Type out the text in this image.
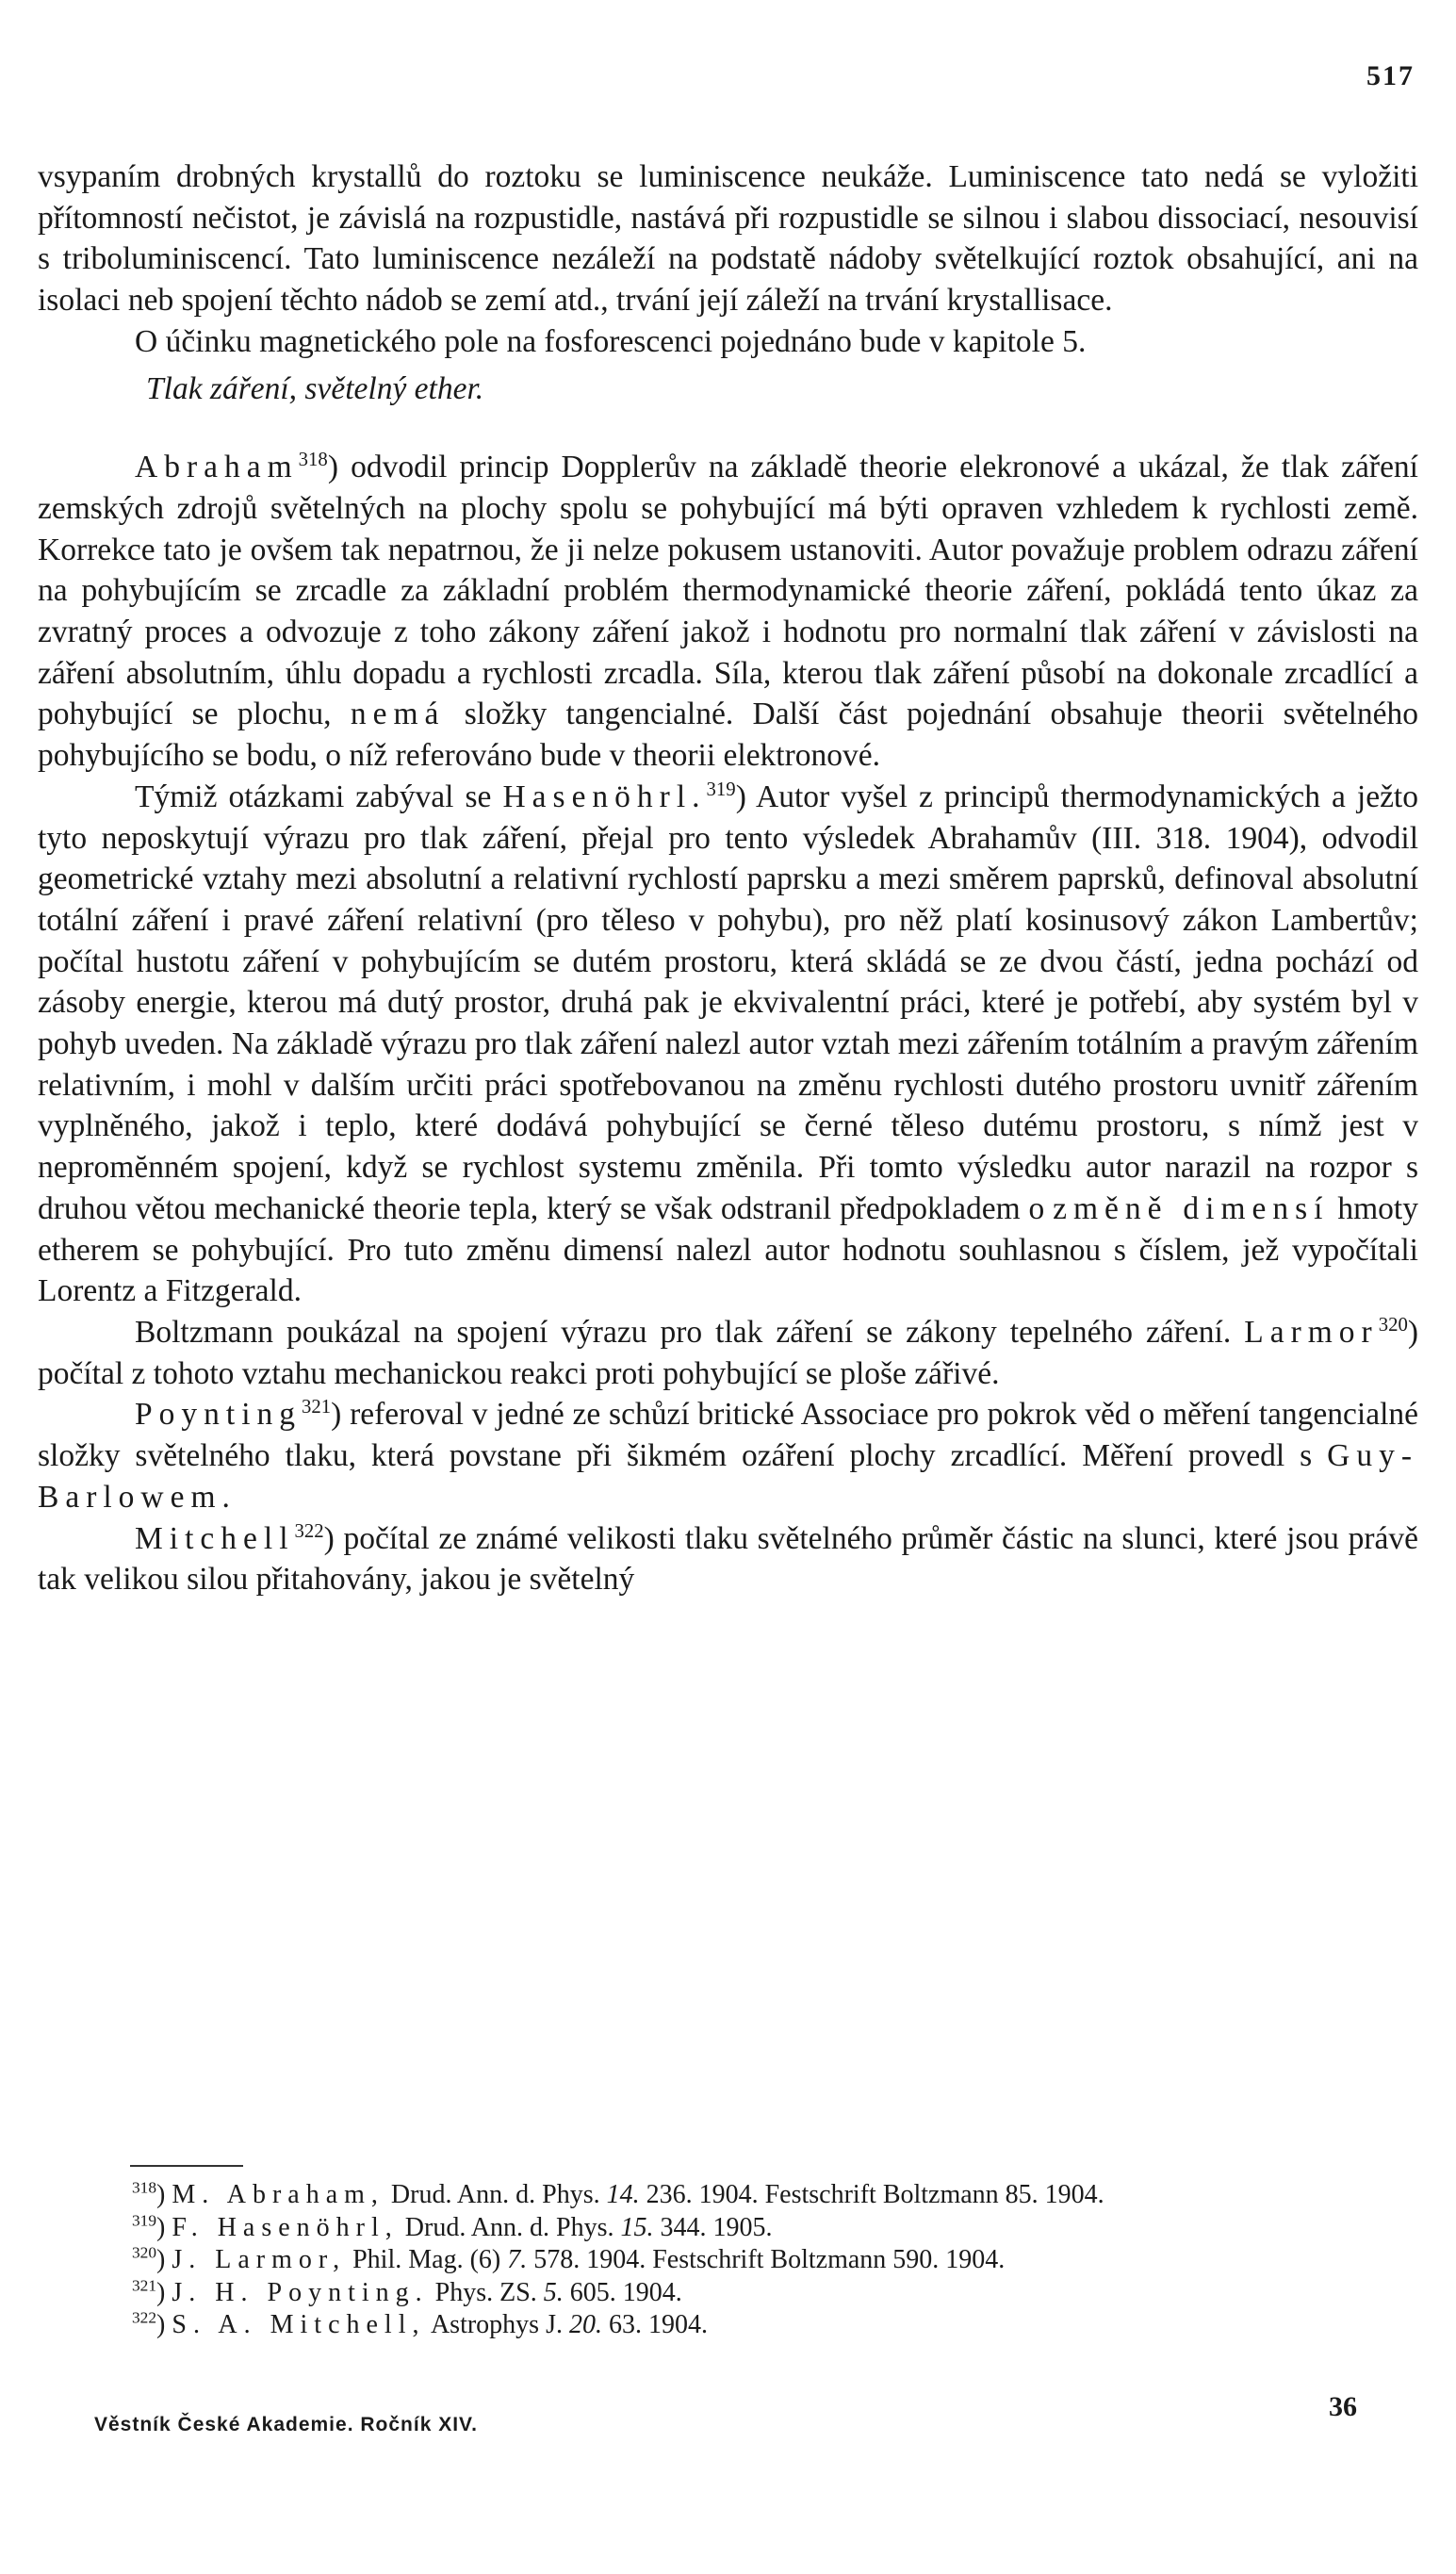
517

vsypaním drobných krystallů do roztoku se luminiscence neukáže. Luminiscence tato nedá se vyložiti přítomností nečistot, je závislá na rozpustidle, nastává při rozpustidle se silnou i slabou dissociací, nesouvisí s triboluminiscencí. Tato luminiscence nezáleží na podstatě nádoby světelkující roztok obsahující, ani na isolaci neb spojení těchto nádob se zemí atd., trvání její záleží na trvání krystallisace.

O účinku magnetického pole na fosforescenci pojednáno bude v kapitole 5.

Tlak záření, světelný ether.

Abraham$^{318}$) odvodil princip Dopplerův na základě theorie elekronové a ukázal, že tlak záření zemských zdrojů světelných na plochy spolu se pohybující má býti opraven vzhledem k rychlosti země. Korrekce tato je ovšem tak nepatrnou, že ji nelze pokusem ustanoviti. Autor považuje problem odrazu záření na pohybujícím se zrcadle za základní problém thermodynamické theorie záření, pokládá tento úkaz za zvratný proces a odvozuje z toho zákony záření jakož i hodnotu pro normalní tlak záření v závislosti na záření absolutním, úhlu dopadu a rychlosti zrcadla. Síla, kterou tlak záření působí na dokonale zrcadlící a pohybující se plochu, nemá složky tangencialné. Další část pojednání obsahuje theorii světelného pohybujícího se bodu, o níž referováno bude v theorii elektronové.

Týmiž otázkami zabýval se Hasenöhrl.$^{319}$) Autor vyšel z principů thermodynamických a ježto tyto neposkytují výrazu pro tlak záření, přejal pro tento výsledek Abrahamův (III. 318. 1904), odvodil geometrické vztahy mezi absolutní a relativní rychlostí paprsku a mezi směrem paprsků, definoval absolutní totální záření i pravé záření relativní (pro těleso v pohybu), pro něž platí kosinusový zákon Lambertův; počítal hustotu záření v pohybujícím se dutém prostoru, která skládá se ze dvou částí, jedna pochází od zásoby energie, kterou má dutý prostor, druhá pak je ekvivalentní práci, které je potřebí, aby systém byl v pohyb uveden. Na základě výrazu pro tlak záření nalezl autor vztah mezi zářením totálním a pravým zářením relativním, i mohl v dalším určiti práci spotřebovanou na změnu rychlosti dutého prostoru uvnitř zářením vyplněného, jakož i teplo, které dodává pohybující se černé těleso dutému prostoru, s nímž jest v nepromĕnném spojení, když se rychlost systemu změnila. Při tomto výsledku autor narazil na rozpor s druhou větou mechanické theorie tepla, který se však odstranil předpokladem o změně dimensí hmoty etherem se pohybující. Pro tuto změnu dimensí nalezl autor hodnotu souhlasnou s číslem, jež vypočítali Lorentz a Fitzgerald.

Boltzmann poukázal na spojení výrazu pro tlak záření se zákony tepelného záření. Larmor$^{320}$) počítal z tohoto vztahu mechanickou reakci proti pohybující se ploše zářivé.

Poynting$^{321}$) referoval v jedné ze schůzí britické Associace pro pokrok věd o měření tangencialné složky světelného tlaku, která povstane při šikmém ozáření plochy zrcadlící. Měření provedl s Guy-Barlowem.

Mitchell$^{322}$) počítal ze známé velikosti tlaku světelného průměr částic na slunci, které jsou právě tak velikou silou přitahovány, jakou je světelný

$^{318}$) M. Abraham, Drud. Ann. d. Phys. 14. 236. 1904. Festschrift Boltzmann 85. 1904.

$^{319}$) F. Hasenöhrl, Drud. Ann. d. Phys. 15. 344. 1905.

$^{320}$) J. Larmor, Phil. Mag. (6) 7. 578. 1904. Festschrift Boltzmann 590. 1904.

$^{321}$) J. H. Poynting. Phys. ZS. 5. 605. 1904.

$^{322}$) S. A. Mitchell, Astrophys J. 20. 63. 1904.

Věstník České Akademie. Ročník XIV.
36
